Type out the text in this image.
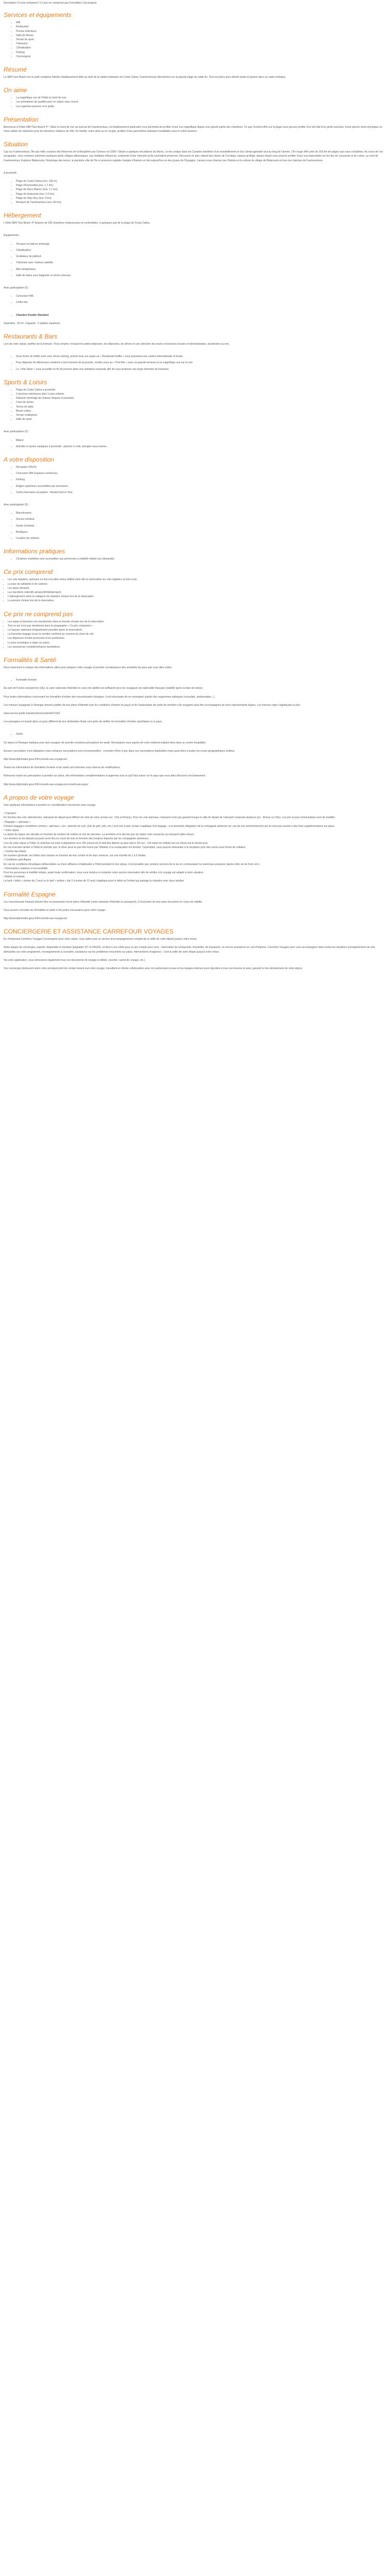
Description Ce prix comprend / Ce prix ne comprend pas Formalités Conciergerie

Services et équipements
• Wifi
• Restaurant
• Piscine extérieure
• Salle de fitness
• Terrain de sport
• Télévision
• Climatisation
• Parking
• Conciergerie
Résumé

Le SBH Taro Beach est un petit complexe hôtelier (établissement tildé au style de la station balnéaire de Costa Calma, Fuerteventura) directement sur la grande plage de sable fin. Tout est prévu pour divertir petits et grands dans un cadre exotique.

On aime
• La magnifique vue de l'hôtel en bord de mer.
• Les prestations de qualités pour un séjour sans soucis.
• Les superbes piscines et le jardin.
Présentation

Bienvenue à l'hôtel SBH Taro Beach 4* ! Situé en bord de mer au sud-est de Fuerteventura, cet établissement particulier vous permettra de profiter d'une vue magnifique depuis une grande partie des chambres. Ce que l'endroit offre sur la plage vous pouvez profiter d'un bel état d'un jardin luxuriant, d'une piscine semi-olympique ou d'une station de vitamines pour les dernières chaleurs de l'été. En famille, entre amis ou en couple, profitez d'une parenthèse balnéaire inoubliable sous le soleil canarien.

Situation

Cap sur Fuerteventura, l'île aux mille couleurs des Réserves de la Biosphère par l'Unesco en 2009 ! Située à quelques encablures du Maroc, ce lieu unique dans les Canaries bénéficie d'un ensoleillement et d'un climat agréable tout au long de l'année. L'île rouge offre près de 150 km de plages aux eaux cristallines. Au cours de vos escapades, vous croiserez sûrement quelques petits villages pittoresques, aux multiples influences, empreints d'une mémoire qu'ils souhaitent préserver. Découvrez le parc naturel des dunes de Corralejo, espace protégé, depuis lequel vous pourrez profiter d'une vue imprenable sur les îles de Lanzarote et de Lobos, au nord de Fuerteventura. Explorez Betancuria, l'historique des terres, la première ville de l'île et ancienne capitale chargée d'histoire en fait aujourd'hui un des joyaux de l'Espagne. Laissez-vous charmer par l'histoire et la culture du village de Betancuria et tous les charmes de Fuerteventura.

A proximité :

• Plage de Costa Calma (env. 100 m).
• Plage d'Esmeralda (env. 1,7 km).
• Plage de Risco Blanco (env. 1,7 km).
• Plage de Sotavento (env. 2,5 km).
• Plage de Viejo Rey (env. 5 km).
• Aéroport de Fuerteventura (env. 66 km).
Hébergement

L'hôtel SBH Taro Beach 4* dispose de 293 chambres chaleureuses et confortables, à quelques pas de la plage de Costa Calma.

Equipements :

• Terrasse ou balcon aménagé.
• Climatisation.
• Ventilateur de plafond.
• Télévision avec chaînes satellite.
• Mini-réfrigérateur.
• Salle de bains avec baignoire et sèche-cheveux.

Avec participation (€) :

• Connexion Wifi.
• Coffre-fort.
• Chambre Double Standard

Superficie : 20 m². Capacité : 2 adultes maximum.

Restaurants & Bars

Lors de votre séjour, profitez de la formule «Tout compris» incluant les petits-déjeuners, les déjeuners, les dîners et une sélection de snacks et boissons locales et internationales, alcoolisées ou non.

• Sous forme de buffet varié avec show-cooking, prenez tous vos repas au « Restaurant buffet » vous proposant une cuisine internationale et locale.
• Pour déguster de délicieuses créations à tout moment de la journée, rendez-vous au « Pool Bar » avec sa grande terrasse et sa magnifique vue sur la mer.
• Le « Bar Salon » vous accueille en fin de journée dans une ambiance musicale afin de vous proposer une large sélection de boissons.
Sports & Loisirs
• Plage de Costa Calma à proximité.
• 2 piscines extérieures dont 1 pour enfants.
• Solarium aménagé de chaises longues et parasols.
• Court de tennis.
• Tennis de table.
• Beach-volley.
• Terrain multisports.
• Salle de sport.

Avec participation (€) :

• Billard.
• Activités et sports nautiques à proximité : planche à voile, plongée sous-marine...
A votre disposition
• Réception 24h/24.
• Connexion Wifi (espaces communs).
• Parking.
• Etages supérieurs accessibles par ascenseur.
• Cartes bancaires acceptées : MasterCard et Visa.

Avec participation (€) :

• Blanchisserie.
• Service médical.
• Garde d'enfants.
• Boutiques.
• Location de voitures.
Informations pratiques
• Certaines chambres sont accessibles aux personnes à mobilité réduite (sur demande).
Ce prix comprend
• Les vols réguliers, spéciaux ou low-cost aller-retour (billets émis dès la réservation sur vols réguliers ou low-cost).
• La taxe de solidarité et de carbone.
• Les taxes aéroport.
• Les transferts collectifs aéroport/hôtel/aéroport.
• L'hébergement selon la catégorie de chambre choisie lors de la réservation.
• La pension choisie lors de la réservation.
Ce prix ne comprend pas
• Les repas et boissons non mentionnés dans la formule choisie lors de la réservation.
• Tout ce qui n'est pas mentionné dans le paragraphe « Ce prix comprend ».
• La hausse carburant (réajustement possible après la réservation).
• La franchise bagage (souri le nombre confirmé au moment du choix de vol).
• Les dépenses d'ordre personnel et les pourboires.
• La taxe touristique à régler sur place.
• Les assurances complémentaires facultatives.
Formalités & Santé

Nous traversons à chaque des informations utiles pour préparer votre voyage et prendre connaissance des actualités du pays que vous allez visiter.

• Formalité d'entrée

Au sein de l'Union européenne (UE), la carte nationale d'identité en cours de validité est suffisante pour les voyageurs de nationalité française (validité après la date de retour).

Pour toutes informations concernant les formalités d'entrée des ressortissants étrangers, il est nécessaire de se renseigner auprès des organismes adéquats (consulats, ambassades...).

Les mineurs voyageant à l'étranger doivent justifier de leur pièce d'identité (voir les conditions d'entrée du pays) et de l'autorisation de sortie de territoire s'ils voyagent sans être accompagnés de leurs représentants légaux. Les mineurs rigés s'appliquant ou liés.

www.service-public.fr/particuliers/vosdroits/F1922

Les passagers en transit dans un pays différent de leur destination finale sont priés de vérifier les formalités d'entrée spécifiques à ce pays.

• Santé

Un séjour à l'étranger implique pour tout voyageur de prendre certaines précautions de santé. Renseignez-vous auprès de votre médecin traitant et/ou dans un centre hospitalier.

Aucune vaccination n'est obligatoire mais certaines vaccinations sont recommandées ; consulter d'être à jour dans vos vaccinations habituelles mais aussi liées à toutes les zones géographiques visitées.

http://www.diplomatie.gouv.fr/fr/conseils-aux-voyageurs/

Toutes les informations de formalités d'entrée et de santé sont données sous réserve de modifications.

Retrouvez toutes les précautions à prendre sur place, des informations complémentaires et apprenez tout ce qu'il faut savoir sur le pays que vous allez découvrir prochainement :

http://www.diplomatie.gouv.fr/fr/conseils-aux-voyageurs/conseils-par-pays/

A propos de votre voyage

Voici quelques informations à prendre en considération concernant votre voyage.

• Transport
En fonction des vols sélectionnés, l'aéroport de départ peut différer de celui de votre arrivée (ex : Orly et Roissy). Pour les vols spéciaux, l'aéroport n'est pas garanti lorsque la ville de départ de l'aéroport comporte plusieurs (ex : Roissy ou Orly). Les prix et jours d'annulations sont de modifier.
• Bagages « spéciaux »
Certains bagages considérés comme « spéciaux » (ex : planche de surf, club de golf, vélo, etc.) sont mis à part, la taxe s'applique d'un bagage ; à la demande obligatoire de la compagnie aérienne (en cas de non-acheminement) qui ne sont pas soumis à des frais supplémentaires sur place.
• Votre séjour
La durée du séjour est calculée en fonction du nombre de nuitées et non de journées. La première et le dernier jour du séjour sont consacrés au transport (aller-retour).
Les arrivées ou les départs pouvant avoir lieu en cours de nuit en fonction des horaires imposés par les compagnies aériennes.
Lors de votre séjour à l'hôtel, la chambre est mise à disposition vers 15h (check-in) et doit être libérée au plus tard à 11h (ex : 12h selon les hôtels) lors du check-out le dernier jour.
En cas d'arrivée tardive à l'hôtel le premier jour, le dîner peut ne pas être fourni par l'hôtelier si la restauration est fermée. Cependant, vous pourrez demander à la réception pour être servis sous forme de collation.
• Confort des hôtels
De manière générale, les hôtels sont classés en fonction de leur confort et de leurs services, sur une échelle de 1 à 5 étoiles.
• Conditions spécifiques
En cas de conditions climatiques défavorables ou d'une affluence inhabituelle à l'hôtel pendant le bon séjour, il est possible que certains services de la vie en communauté ne soient pas proposés (après-midi, ski de fond, etc.).
• Informations relatives à l'accessibilité
Pour les personnes à mobilité réduite, avant toute confirmation, nous vous invitons à contacter notre service réservation afin de vérifier si le voyage est adapté à votre situation.
• Bébés et enfants
La lanif « bébé » (moins de 2 ans) ou le tarif « enfant » (de 2 à moins de 12 ans) s'applique pour le bébé ou l'enfant qui partage la chambre avec deux adultes.
Formalité Espagne

Les ressortissants français doivent être en possession d'une pièce d'identité (carte nationale d'identité ou passeport), à l'exclusion de tout autre document en cours de validité.

Vous pouvez consulter les formalités et santé et de police nécessaires pour votre voyage :

http://www.diplomatie.gouv.fr/fr/conseils-aux-voyageurs/

CONCIERGERIE ET ASSISTANCE CARREFOUR VOYAGES

En choisissant Carrefour Voyages Conciergerie pour votre séjour, vous optez pour un service d'accompagnement complet de la veille de votre départ jusqu'à votre retour.

Notre équipe de concierges, experte, disponible et humaine (joignable 7j/7 et 24h/24), se tient à vos côtés pour ce qui compte pour vous : réservation de restaurants, d'activités, de transports, ou encore assistance en cas d'imprévu. Carrefour Voyages pour vous accompagner dans toutes les situations (enregistrement de vols, demandes sur votre programme, renseignements à connaître, assistance sur les problèmes rencontrés sur place, interventions d'urgence) : c'est la veille de votre départ jusqu'à votre retour.

Via votre application, vous retrouverez également tous vos documents de voyage (e-billets, voucher, carnet de voyage, etc.).

Vos concierges demeurent alors votre principal point de contact durant tout votre voyage, travaillant en étroite collaboration avec nos partenaires locaux et les équipes internes pour répondre à tous vos besoins et ainsi, garantir le bon déroulement de votre séjour.
